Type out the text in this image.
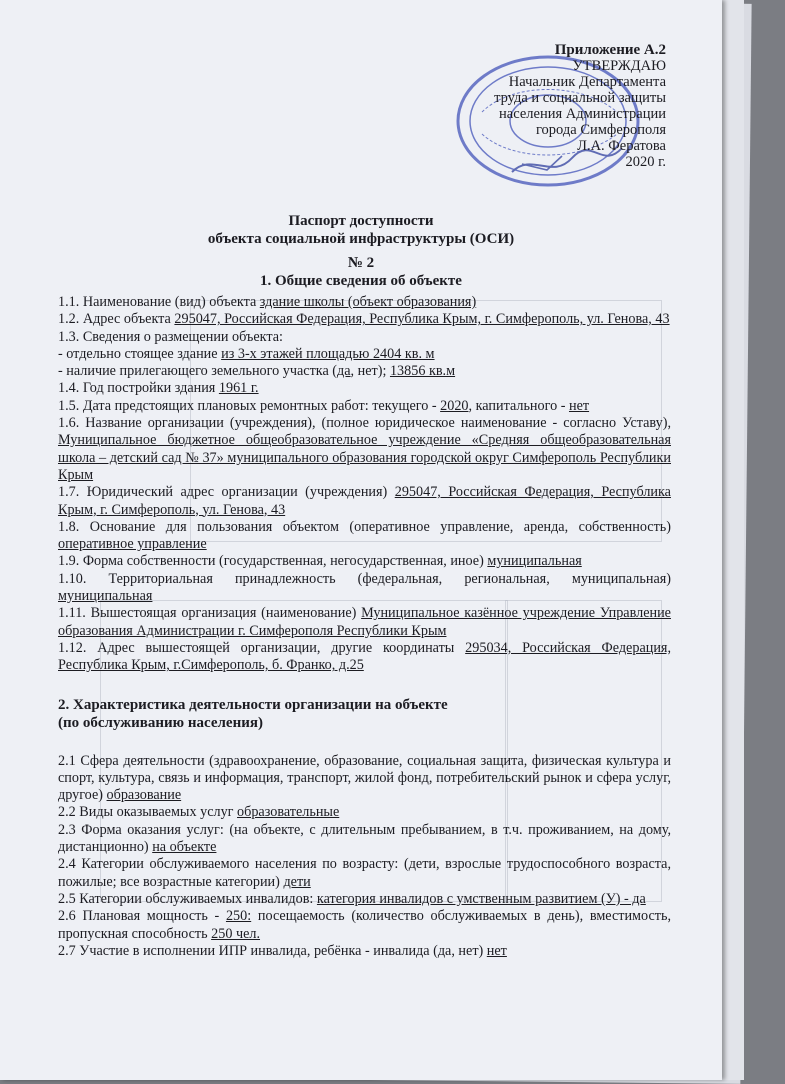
Приложение А.2
УТВЕРЖДАЮ
Начальник Департамента
труда и социальной защиты
населения Администрации
города Симферополя
Л.А. Фератова
2020 г.
Паспорт доступности
объекта социальной инфраструктуры (ОСИ)
№ 2
1. Общие сведения об объекте

1.1. Наименование (вид) объекта здание школы (объект образования)

1.2. Адрес объекта 295047, Российская Федерация, Республика Крым, г. Симферополь, ул. Генова, 43

1.3. Сведения о размещении объекта:

- отдельно стоящее здание из 3-х этажей площадью 2404 кв. м

- наличие прилегающего земельного участка (да, нет); 13856 кв.м

1.4. Год постройки здания 1961 г.

1.5. Дата предстоящих плановых ремонтных работ: текущего - 2020, капитального - нет

1.6. Название организации (учреждения), (полное юридическое наименование - согласно Уставу), Муниципальное бюджетное общеобразовательное учреждение «Средняя общеобразовательная школа – детский сад № 37» муниципального образования городской округ Симферополь Республики Крым

1.7. Юридический адрес организации (учреждения) 295047, Российская Федерация, Республика Крым, г. Симферополь, ул. Генова, 43

1.8. Основание для пользования объектом (оперативное управление, аренда, собственность) оперативное управление

1.9. Форма собственности (государственная, негосударственная, иное) муниципальная

1.10. Территориальная принадлежность (федеральная, региональная, муниципальная) муниципальная

1.11. Вышестоящая организация (наименование) Муниципальное казённое учреждение Управление образования Администрации г. Симферополя Республики Крым

1.12. Адрес вышестоящей организации, другие координаты 295034, Российская Федерация, Республика Крым, г.Симферополь, б. Франко, д.25

2. Характеристика деятельности организации на объекте

(по обслуживанию населения)

2.1 Сфера деятельности (здравоохранение, образование, социальная защита, физическая культура и спорт, культура, связь и информация, транспорт, жилой фонд, потребительский рынок и сфера услуг, другое) образование

2.2 Виды оказываемых услуг образовательные

2.3 Форма оказания услуг: (на объекте, с длительным пребыванием, в т.ч. проживанием, на дому, дистанционно) на объекте

2.4 Категории обслуживаемого населения по возрасту: (дети, взрослые трудоспособного возраста, пожилые; все возрастные категории) дети

2.5 Категории обслуживаемых инвалидов: категория инвалидов с умственным развитием (У) - да

2.6 Плановая мощность - 250: посещаемость (количество обслуживаемых в день), вместимость, пропускная способность 250 чел.

2.7 Участие в исполнении ИПР инвалида, ребёнка - инвалида (да, нет) нет
